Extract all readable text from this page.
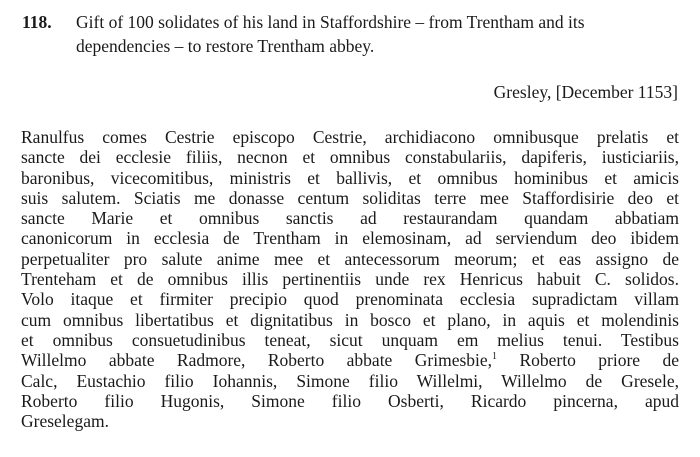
118. Gift of 100 solidates of his land in Staffordshire – from Trentham and its
dependencies – to restore Trentham abbey.
Gresley, [December 1153]
Ranulfus comes Cestrie episcopo Cestrie, archidiacono omnibusque prelatis et
sancte dei ecclesie filiis, necnon et omnibus constabulariis, dapiferis, iusticiariis,
baronibus, vicecomitibus, ministris et ballivis, et omnibus hominibus et amicis
suis salutem. Sciatis me donasse centum soliditas terre mee Staffordisirie deo et
sancte Marie et omnibus sanctis ad restaurandam quandam abbatiam
canonicorum in ecclesia de Trentham in elemosinam, ad serviendum deo ibidem
perpetualiter pro salute anime mee et antecessorum meorum; et eas assigno de
Trenteham et de omnibus illis pertinentiis unde rex Henricus habuit C. solidos.
Volo itaque et firmiter precipio quod prenominata ecclesia supradictam villam
cum omnibus libertatibus et dignitatibus in bosco et plano, in aquis et molendinis
et omnibus consuetudinibus teneat, sicut unquam em melius tenui. Testibus
Willelmo abbate Radmore, Roberto abbate Grimesbie,$^1$ Roberto priore de
Calc, Eustachio filio Iohannis, Simone filio Willelmi, Willelmo de Gresele,
Roberto filio Hugonis, Simone filio Osberti, Ricardo pincerna, apud
Greselegam.
